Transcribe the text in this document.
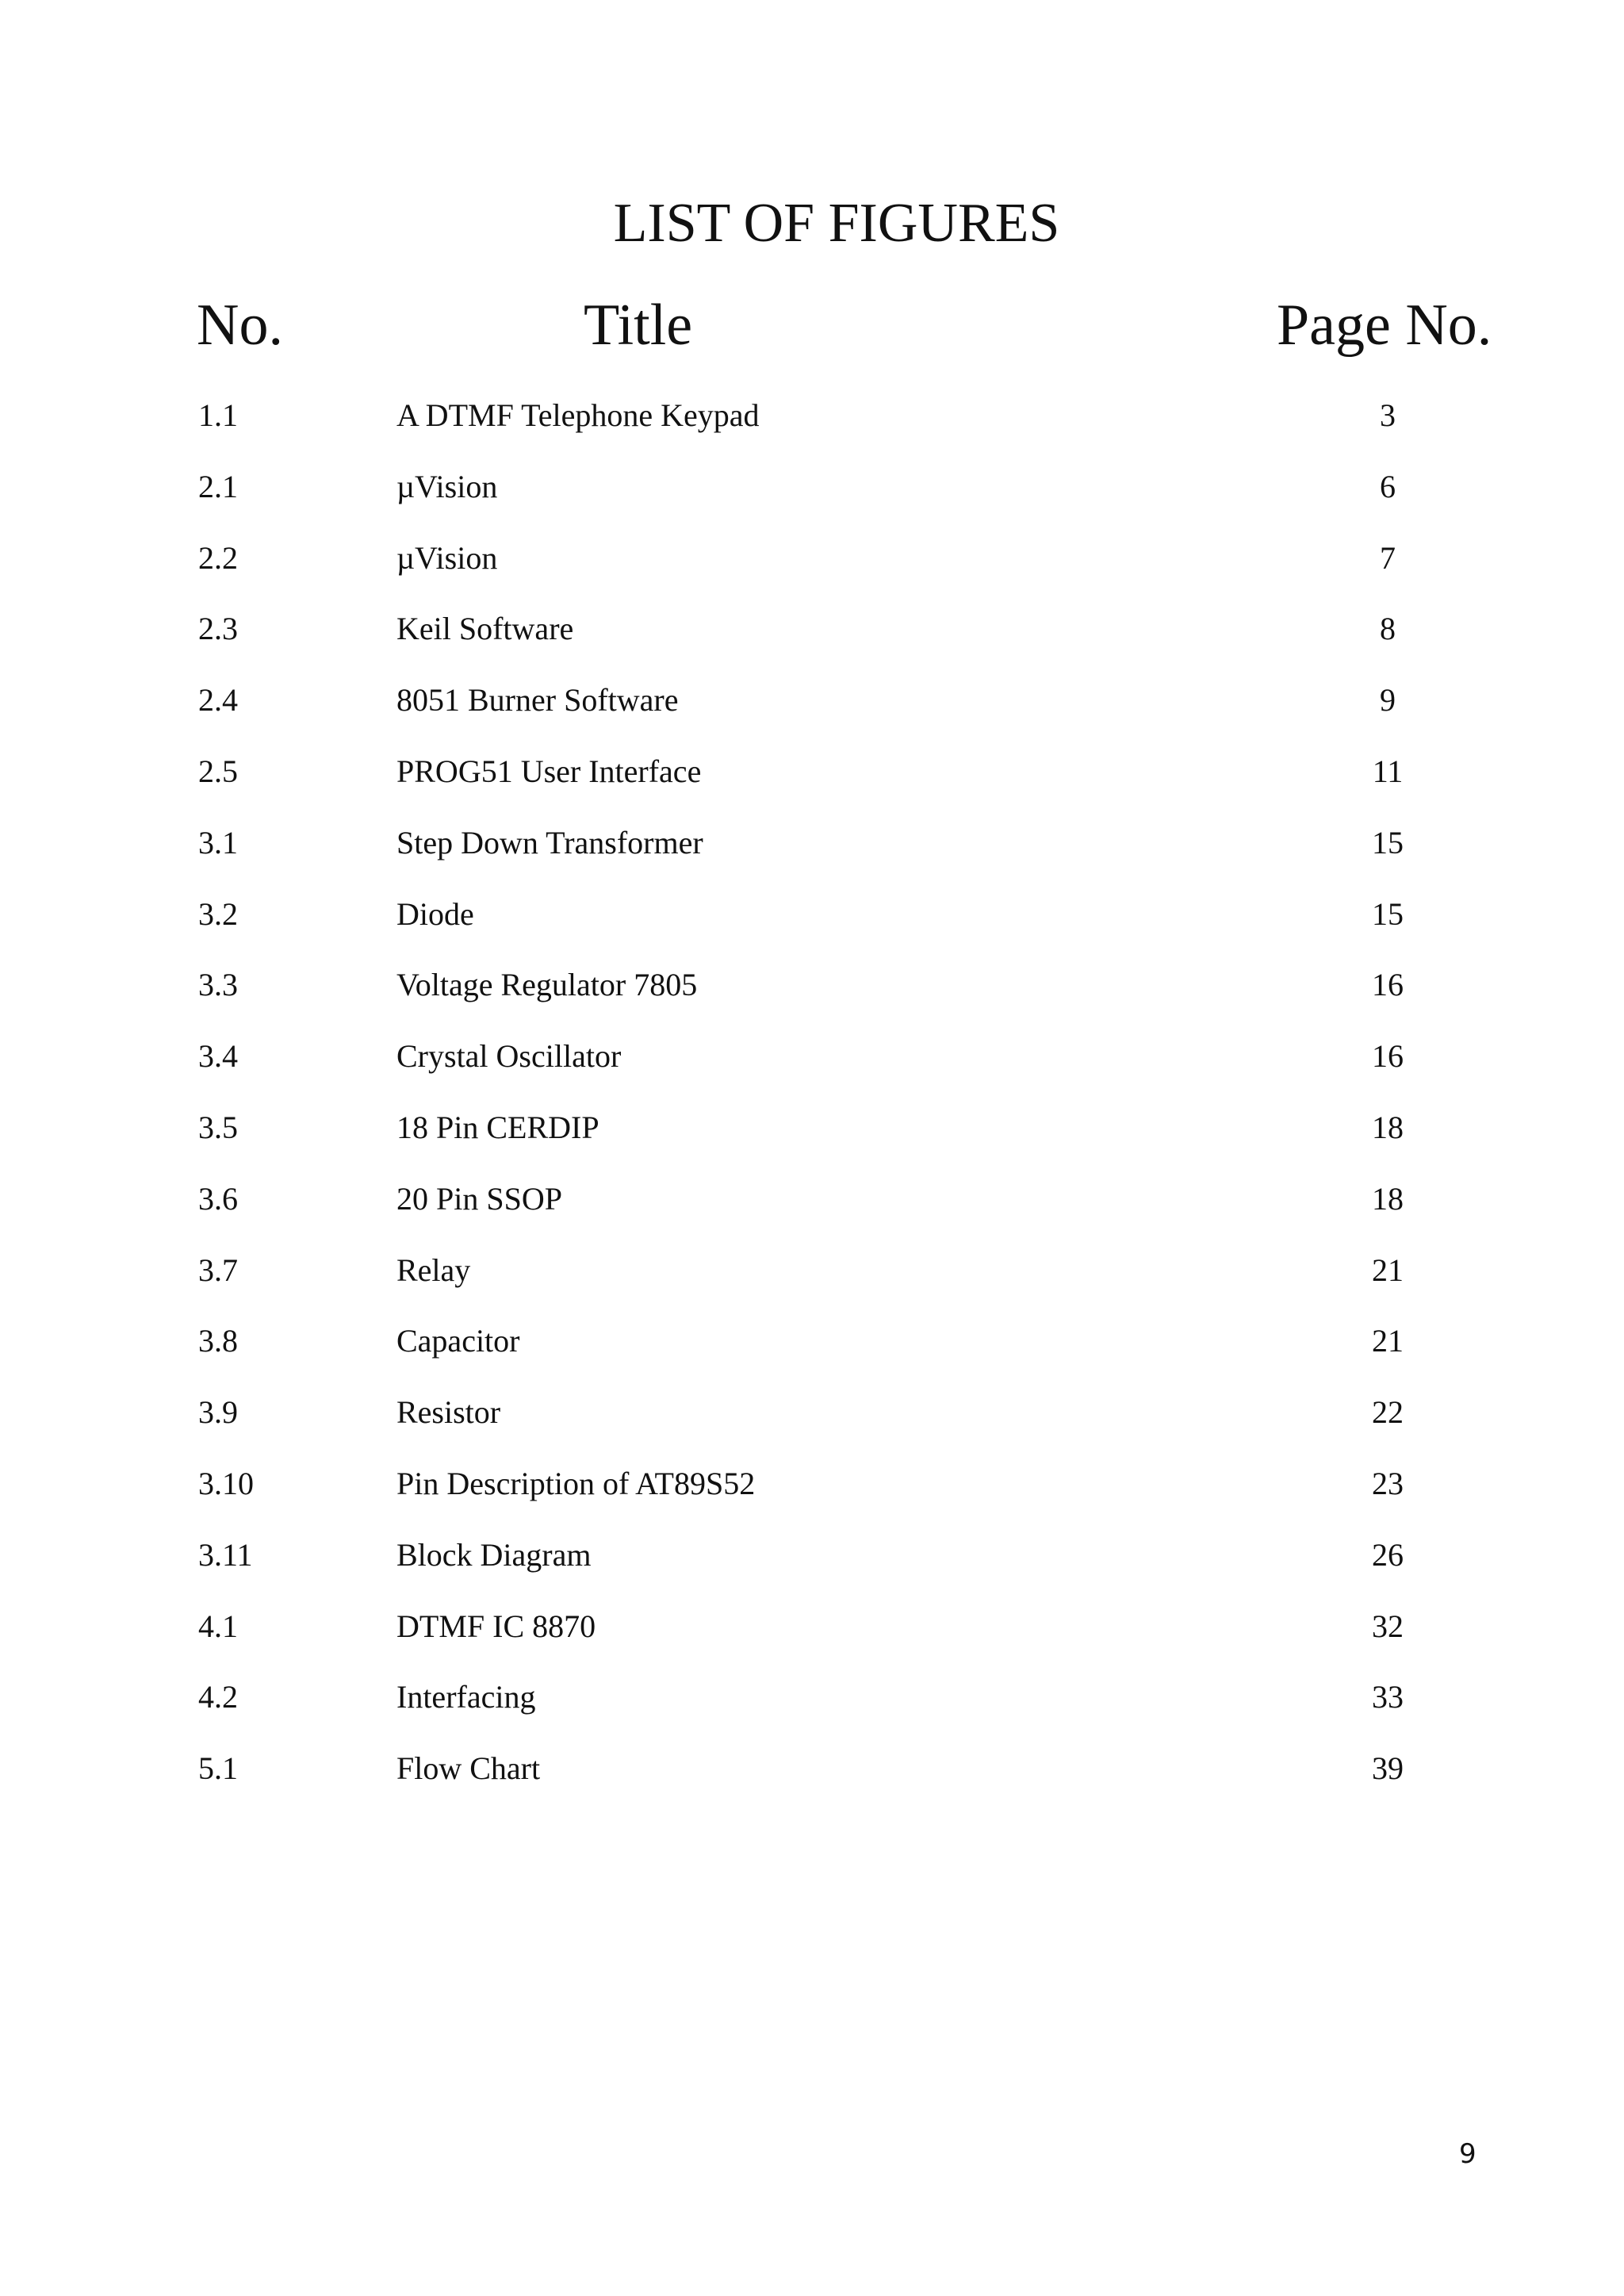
LIST OF FIGURES
No.	Title	Page No.
1.1	A DTMF Telephone Keypad	3
2.1	µVision	6
2.2	µVision	7
2.3	Keil Software	8
2.4	8051 Burner Software	9
2.5	PROG51 User Interface	11
3.1	Step Down Transformer	15
3.2	Diode	15
3.3	Voltage Regulator 7805	16
3.4	Crystal Oscillator	16
3.5	18 Pin CERDIP	18
3.6	20 Pin SSOP	18
3.7	Relay	21
3.8	Capacitor	21
3.9	Resistor	22
3.10	Pin Description of AT89S52	23
3.11	Block Diagram	26
4.1	DTMF IC 8870	32
4.2	Interfacing	33
5.1	Flow Chart	39
9
